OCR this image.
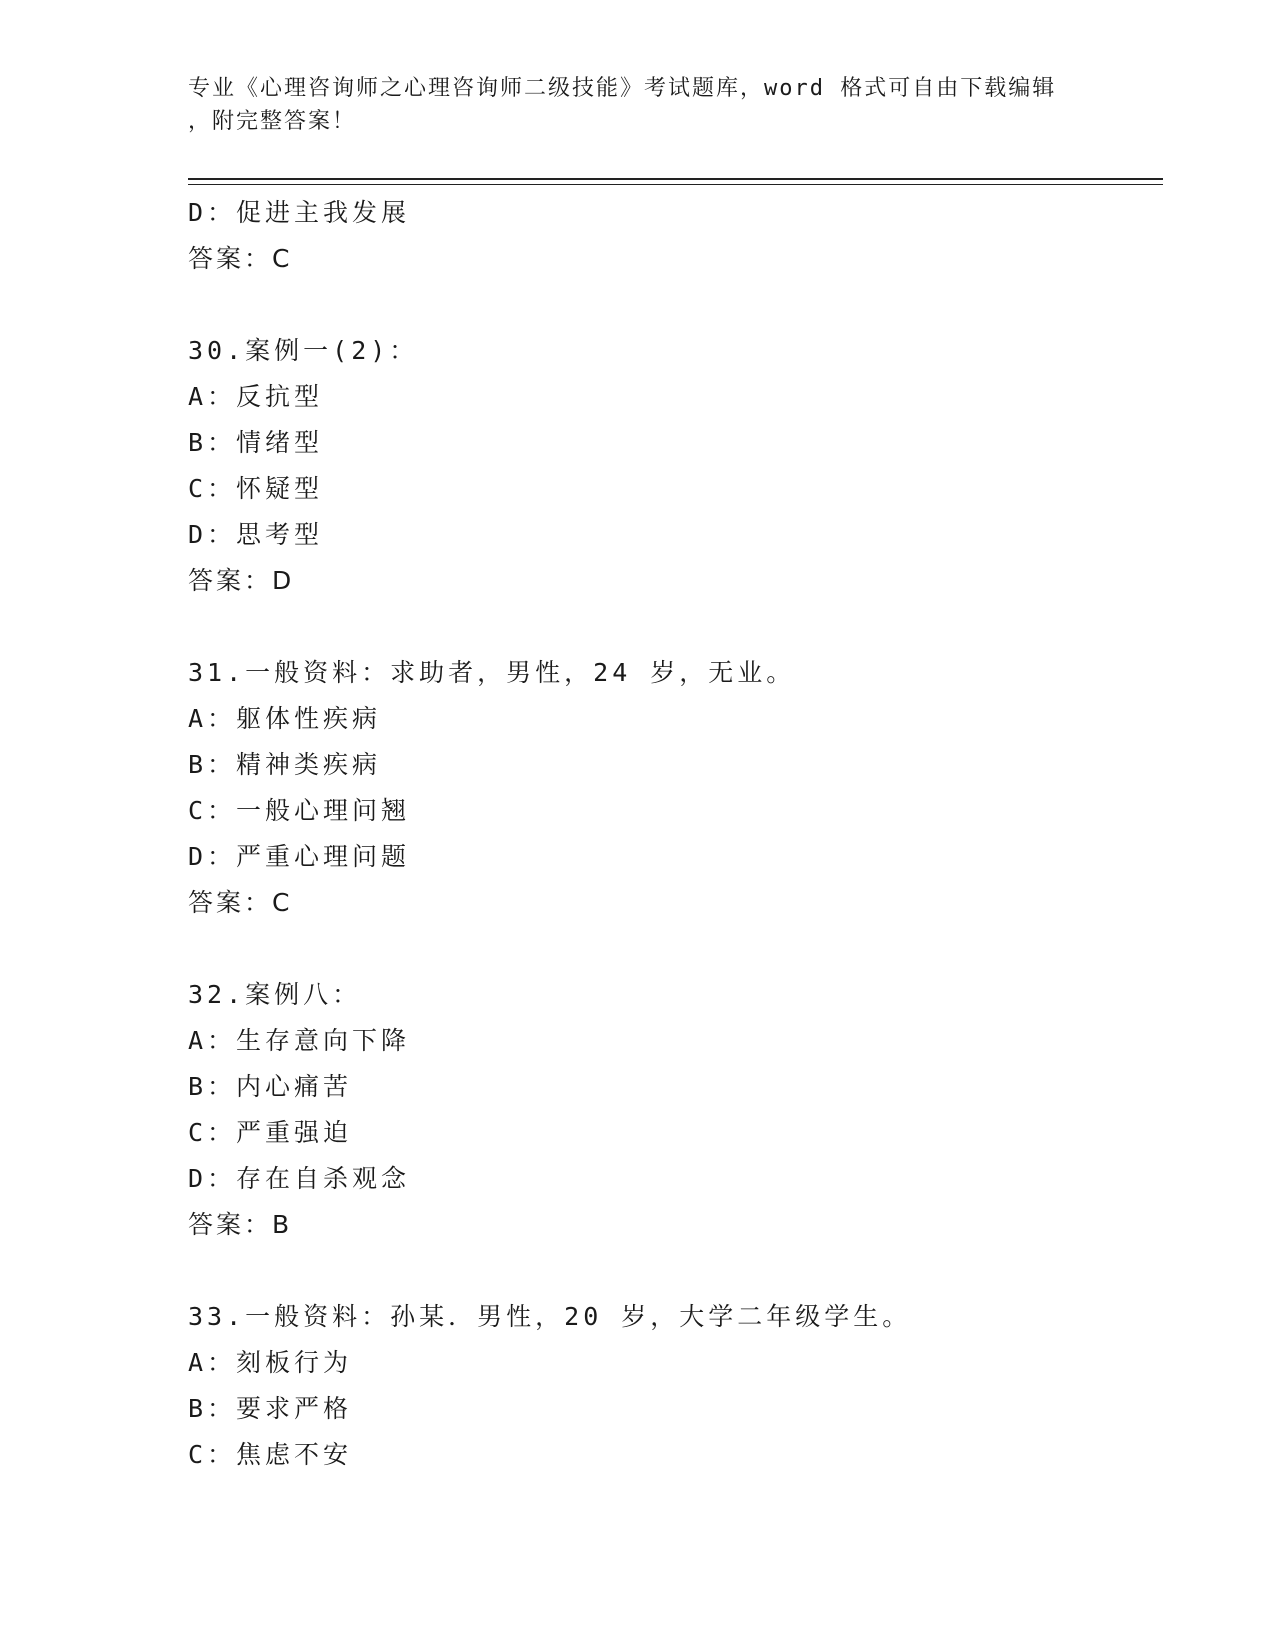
专业《心理咨询师之心理咨询师二级技能》考试题库，word 格式可自由下载编辑
，附完整答案！
D：促进主我发展
答案：C
30.案例一(2)：
A：反抗型
B：情绪型
C：怀疑型
D：思考型
答案：D
31.一般资料：求助者，男性，24 岁，无业。
A：躯体性疾病
B：精神类疾病
C：一般心理问翘
D：严重心理问题
答案：C
32.案例八：
A：生存意向下降
B：内心痛苦
C：严重强迫
D：存在自杀观念
答案：B
33.一般资料：孙某．男性，20 岁，大学二年级学生。
A：刻板行为
B：要求严格
C：焦虑不安
